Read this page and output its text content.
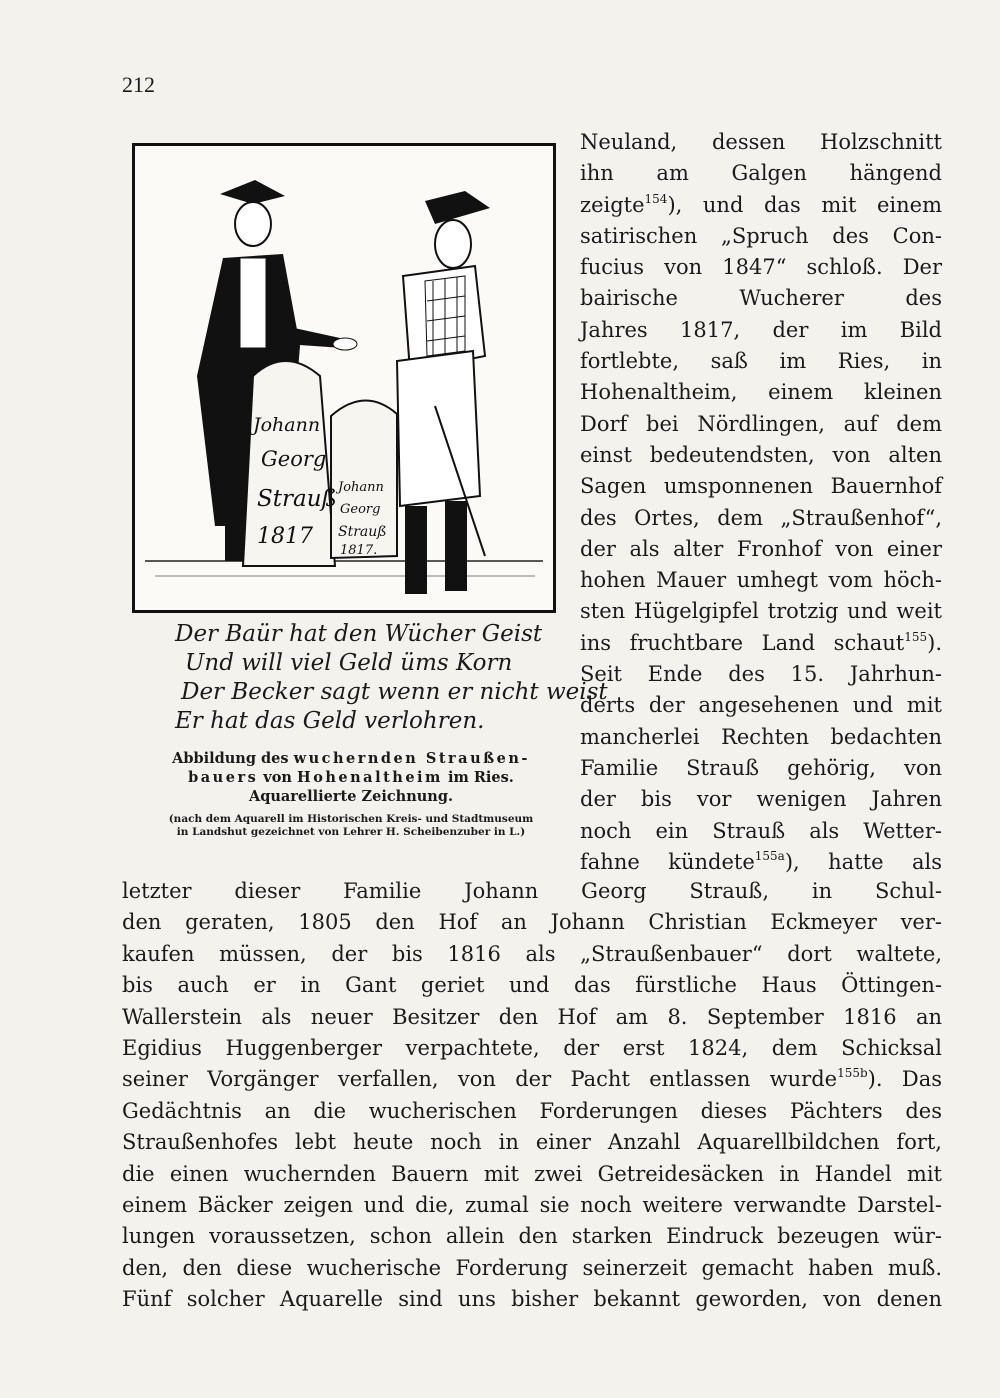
212
Johann
Georg
Strauß
1817
Johann
Georg
Strauß
1817.
Der Baür hat den Wücher Geist
Und will viel Geld üms Korn
Der Becker sagt wenn er nicht weist
Er hat das Geld verlohren.
Abbildung des wuchernden Straußen-
bauers von Hohenaltheim im Ries.
Aquarellierte Zeichnung.
(nach dem Aquarell im Historischen Kreis- und Stadtmuseum
in Landshut gezeichnet von Lehrer H. Scheibenzuber in L.)
Neuland, dessen Holzschnitt
ihn am Galgen hängend
zeigte$^{154}$), und das mit einem
satirischen „Spruch des Con-
fucius von 1847“ schloß. Der
bairische Wucherer des
Jahres 1817, der im Bild
fortlebte, saß im Ries, in
Hohenaltheim, einem kleinen
Dorf bei Nördlingen, auf dem
einst bedeutendsten, von alten
Sagen umsponnenen Bauernhof
des Ortes, dem „Straußenhof“,
der als alter Fronhof von einer
hohen Mauer umhegt vom höch-
sten Hügelgipfel trotzig und weit
ins fruchtbare Land schaut$^{155}$).
Seit Ende des 15. Jahrhun-
derts der angesehenen und mit
mancherlei Rechten bedachten
Familie Strauß gehörig, von
der bis vor wenigen Jahren
noch ein Strauß als Wetter-
fahne kündete$^{155a}$), hatte als
letzter dieser Familie Johann Georg Strauß, in Schul-
den geraten, 1805 den Hof an Johann Christian Eckmeyer ver-
kaufen müssen, der bis 1816 als „Straußenbauer“ dort waltete,
bis auch er in Gant geriet und das fürstliche Haus Öttingen-
Wallerstein als neuer Besitzer den Hof am 8. September 1816 an
Egidius Huggenberger verpachtete, der erst 1824, dem Schicksal
seiner Vorgänger verfallen, von der Pacht entlassen wurde$^{155b}$). Das
Gedächtnis an die wucherischen Forderungen dieses Pächters des
Straußenhofes lebt heute noch in einer Anzahl Aquarellbildchen fort,
die einen wuchernden Bauern mit zwei Getreidesäcken in Handel mit
einem Bäcker zeigen und die, zumal sie noch weitere verwandte Darstel-
lungen voraussetzen, schon allein den starken Eindruck bezeugen wür-
den, den diese wucherische Forderung seinerzeit gemacht haben muß.
Fünf solcher Aquarelle sind uns bisher bekannt geworden, von denen
